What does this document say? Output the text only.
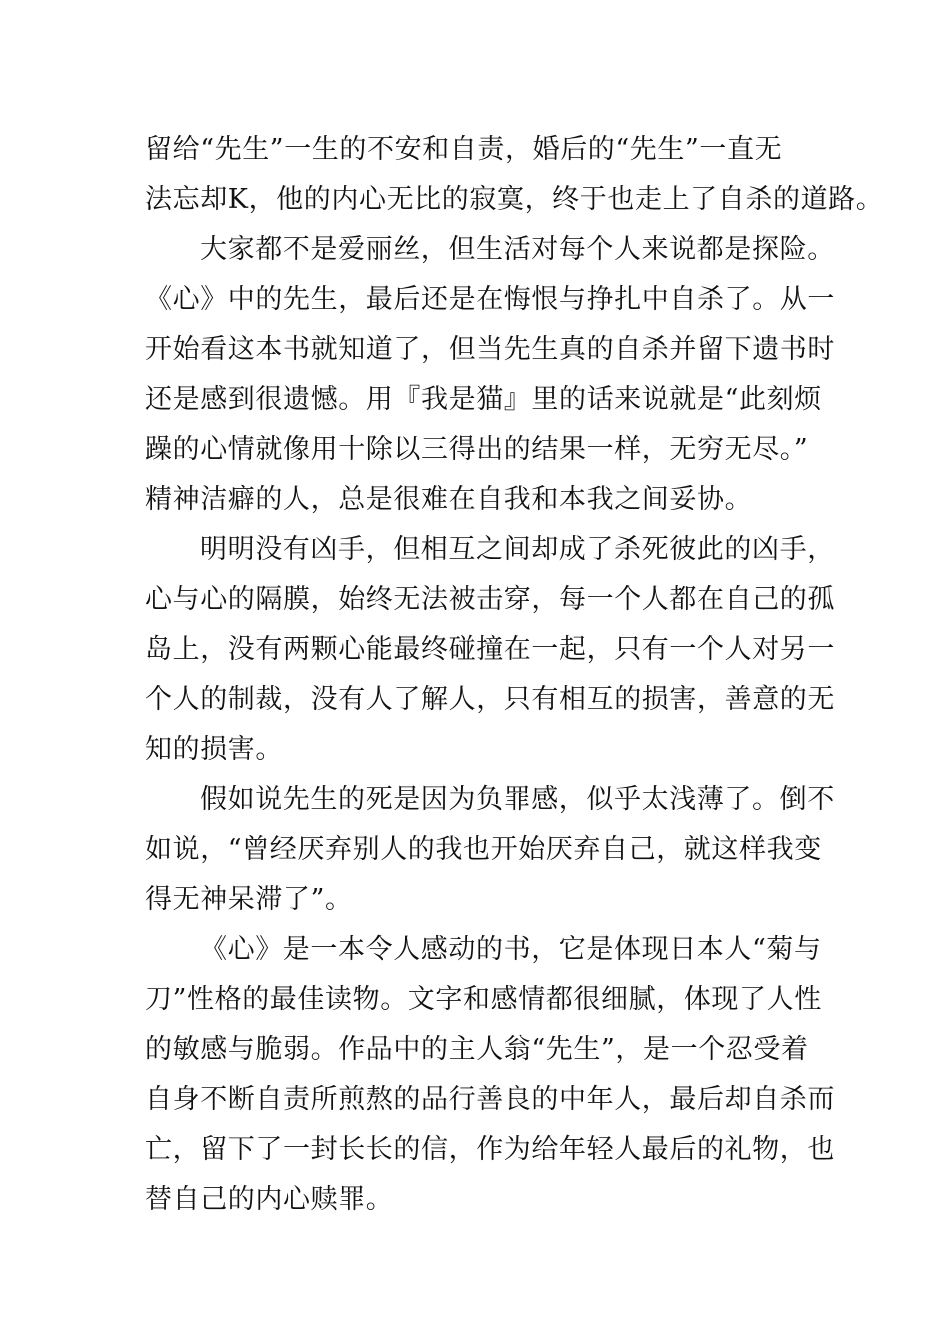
留给“先生”一生的不安和自责，婚后的“先生”一直无
法忘却K，他的内心无比的寂寞，终于也走上了自杀的道路。
大家都不是爱丽丝，但生活对每个人来说都是探险。
《心》中的先生，最后还是在悔恨与挣扎中自杀了。从一
开始看这本书就知道了，但当先生真的自杀并留下遗书时
还是感到很遗憾。用『我是猫』里的话来说就是“此刻烦
躁的心情就像用十除以三得出的结果一样，无穷无尽。”
精神洁癖的人，总是很难在自我和本我之间妥协。
明明没有凶手，但相互之间却成了杀死彼此的凶手，
心与心的隔膜，始终无法被击穿，每一个人都在自己的孤
岛上，没有两颗心能最终碰撞在一起，只有一个人对另一
个人的制裁，没有人了解人，只有相互的损害，善意的无
知的损害。
假如说先生的死是因为负罪感，似乎太浅薄了。倒不
如说，“曾经厌弃别人的我也开始厌弃自己，就这样我变
得无神呆滞了”。
《心》是一本令人感动的书，它是体现日本人“菊与
刀”性格的最佳读物。文字和感情都很细腻，体现了人性
的敏感与脆弱。作品中的主人翁“先生”，是一个忍受着
自身不断自责所煎熬的品行善良的中年人，最后却自杀而
亡，留下了一封长长的信，作为给年轻人最后的礼物，也
替自己的内心赎罪。
